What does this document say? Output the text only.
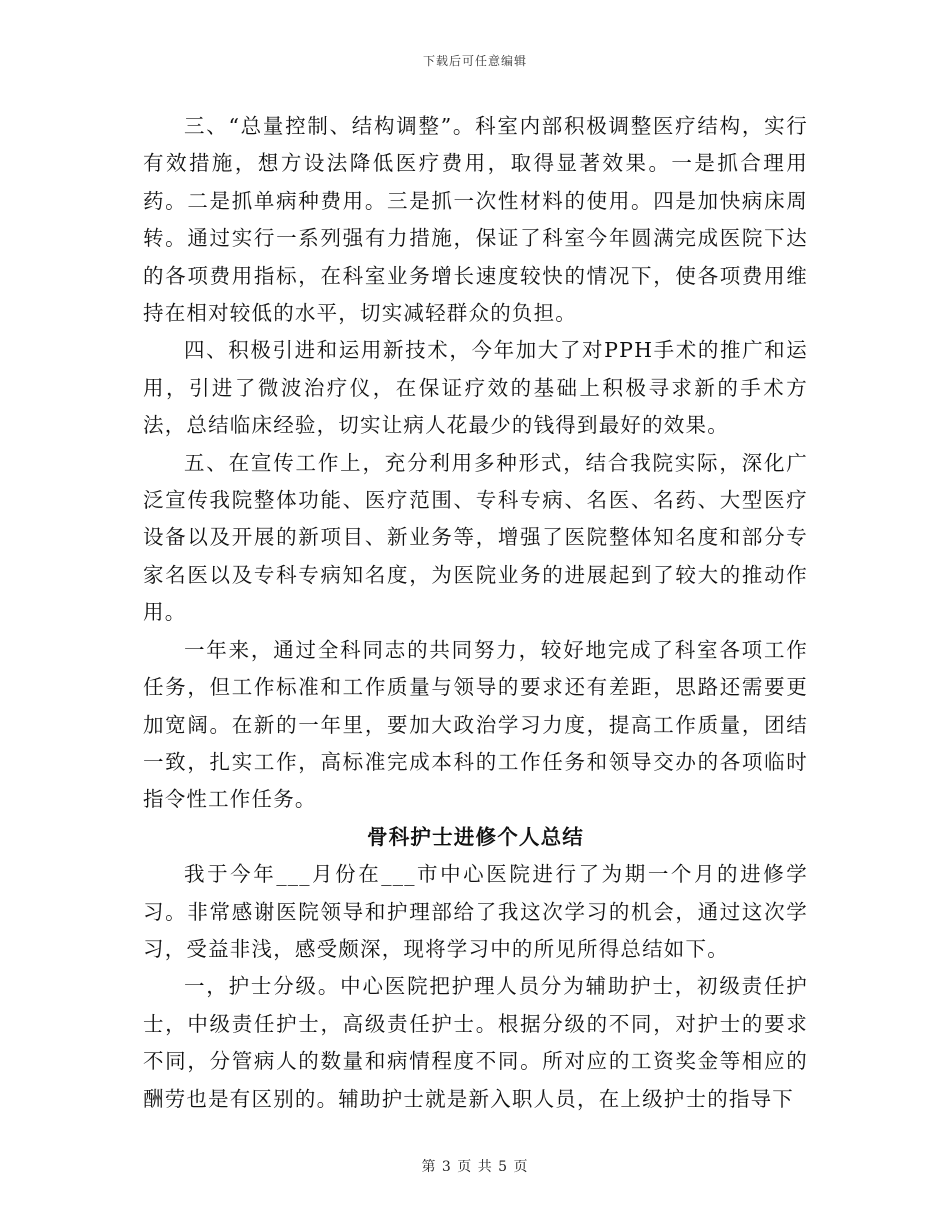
下载后可任意编辑

三、“总量控制、结构调整”。科室内部积极调整医疗结构，实行有效措施，想方设法降低医疗费用，取得显著效果。一是抓合理用药。二是抓单病种费用。三是抓一次性材料的使用。四是加快病床周转。通过实行一系列强有力措施，保证了科室今年圆满完成医院下达的各项费用指标，在科室业务增长速度较快的情况下，使各项费用维持在相对较低的水平，切实减轻群众的负担。

四、积极引进和运用新技术，今年加大了对PPH手术的推广和运用，引进了微波治疗仪，在保证疗效的基础上积极寻求新的手术方法，总结临床经验，切实让病人花最少的钱得到最好的效果。

五、在宣传工作上，充分利用多种形式，结合我院实际，深化广泛宣传我院整体功能、医疗范围、专科专病、名医、名药、大型医疗设备以及开展的新项目、新业务等，增强了医院整体知名度和部分专家名医以及专科专病知名度，为医院业务的进展起到了较大的推动作用。

一年来，通过全科同志的共同努力，较好地完成了科室各项工作任务，但工作标准和工作质量与领导的要求还有差距，思路还需要更加宽阔。在新的一年里，要加大政治学习力度，提高工作质量，团结一致，扎实工作，高标准完成本科的工作任务和领导交办的各项临时指令性工作任务。

骨科护士进修个人总结

我于今年___月份在___市中心医院进行了为期一个月的进修学习。非常感谢医院领导和护理部给了我这次学习的机会，通过这次学习，受益非浅，感受颇深，现将学习中的所见所得总结如下。

一，护士分级。中心医院把护理人员分为辅助护士，初级责任护士，中级责任护士，高级责任护士。根据分级的不同，对护士的要求不同，分管病人的数量和病情程度不同。所对应的工资奖金等相应的酬劳也是有区别的。辅助护士就是新入职人员，在上级护士的指导下

第 3 页 共 5 页
